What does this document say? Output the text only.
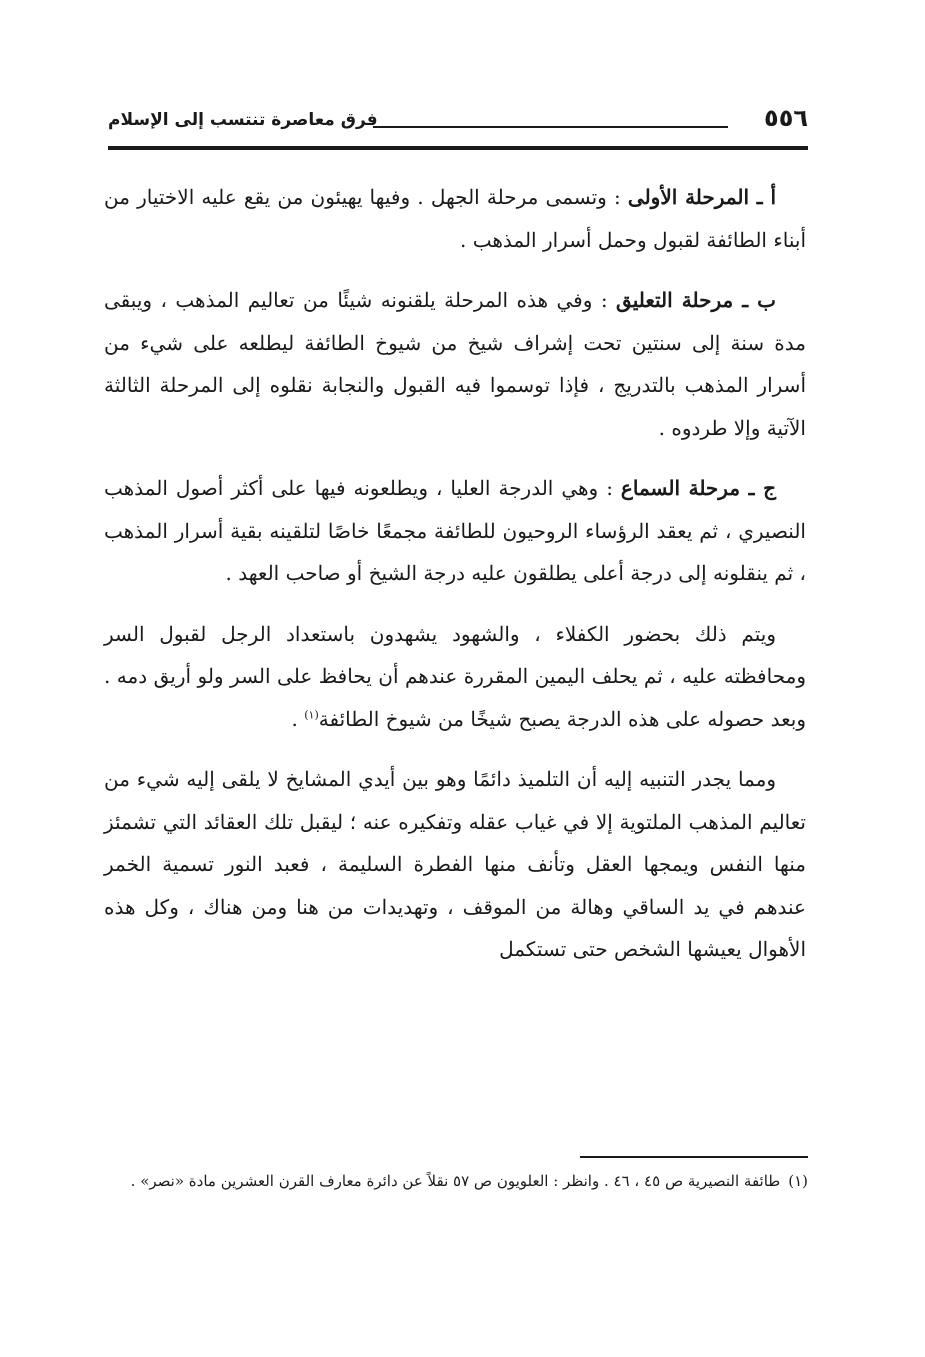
٥٥٦
فرق معاصرة تنتسب إلى الإسلام

أ ـ المرحلة الأولى : وتسمى مرحلة الجهل . وفيها يهيئون من يقع عليه الاختيار من أبناء الطائفة لقبول وحمل أسرار المذهب .

ب ـ مرحلة التعليق : وفي هذه المرحلة يلقنونه شيئًا من تعاليم المذهب ، ويبقى مدة سنة إلى سنتين تحت إشراف شيخ من شيوخ الطائفة ليطلعه على شيء من أسرار المذهب بالتدريج ، فإذا توسموا فيه القبول والنجابة نقلوه إلى المرحلة الثالثة الآتية وإلا طردوه .

ج ـ مرحلة السماع : وهي الدرجة العليا ، ويطلعونه فيها على أكثر أصول المذهب النصيري ، ثم يعقد الرؤساء الروحيون للطائفة مجمعًا خاصًا لتلقينه بقية أسرار المذهب ، ثم ينقلونه إلى درجة أعلى يطلقون عليه درجة الشيخ أو صاحب العهد .

ويتم ذلك بحضور الكفلاء ، والشهود يشهدون باستعداد الرجل لقبول السر ومحافظته عليه ، ثم يحلف اليمين المقررة عندهم أن يحافظ على السر ولو أريق دمه . وبعد حصوله على هذه الدرجة يصبح شيخًا من شيوخ الطائفة$^{(١)}$ .

ومما يجدر التنبيه إليه أن التلميذ دائمًا وهو بين أيدي المشايخ لا يلقى إليه شيء من تعاليم المذهب الملتوية إلا في غياب عقله وتفكيره عنه ؛ ليقبل تلك العقائد التي تشمئز منها النفس ويمجها العقل وتأنف منها الفطرة السليمة ، فعبد النور تسمية الخمر عندهم في يد الساقي وهالة من الموقف ، وتهديدات من هنا ومن هناك ، وكل هذه الأهوال يعيشها الشخص حتى تستكمل

(١)طائفة النصيرية ص ٤٥ ، ٤٦ . وانظر : العلويون ص ٥٧ نقلاً عن دائرة معارف القرن العشرين مادة «نصر» .
